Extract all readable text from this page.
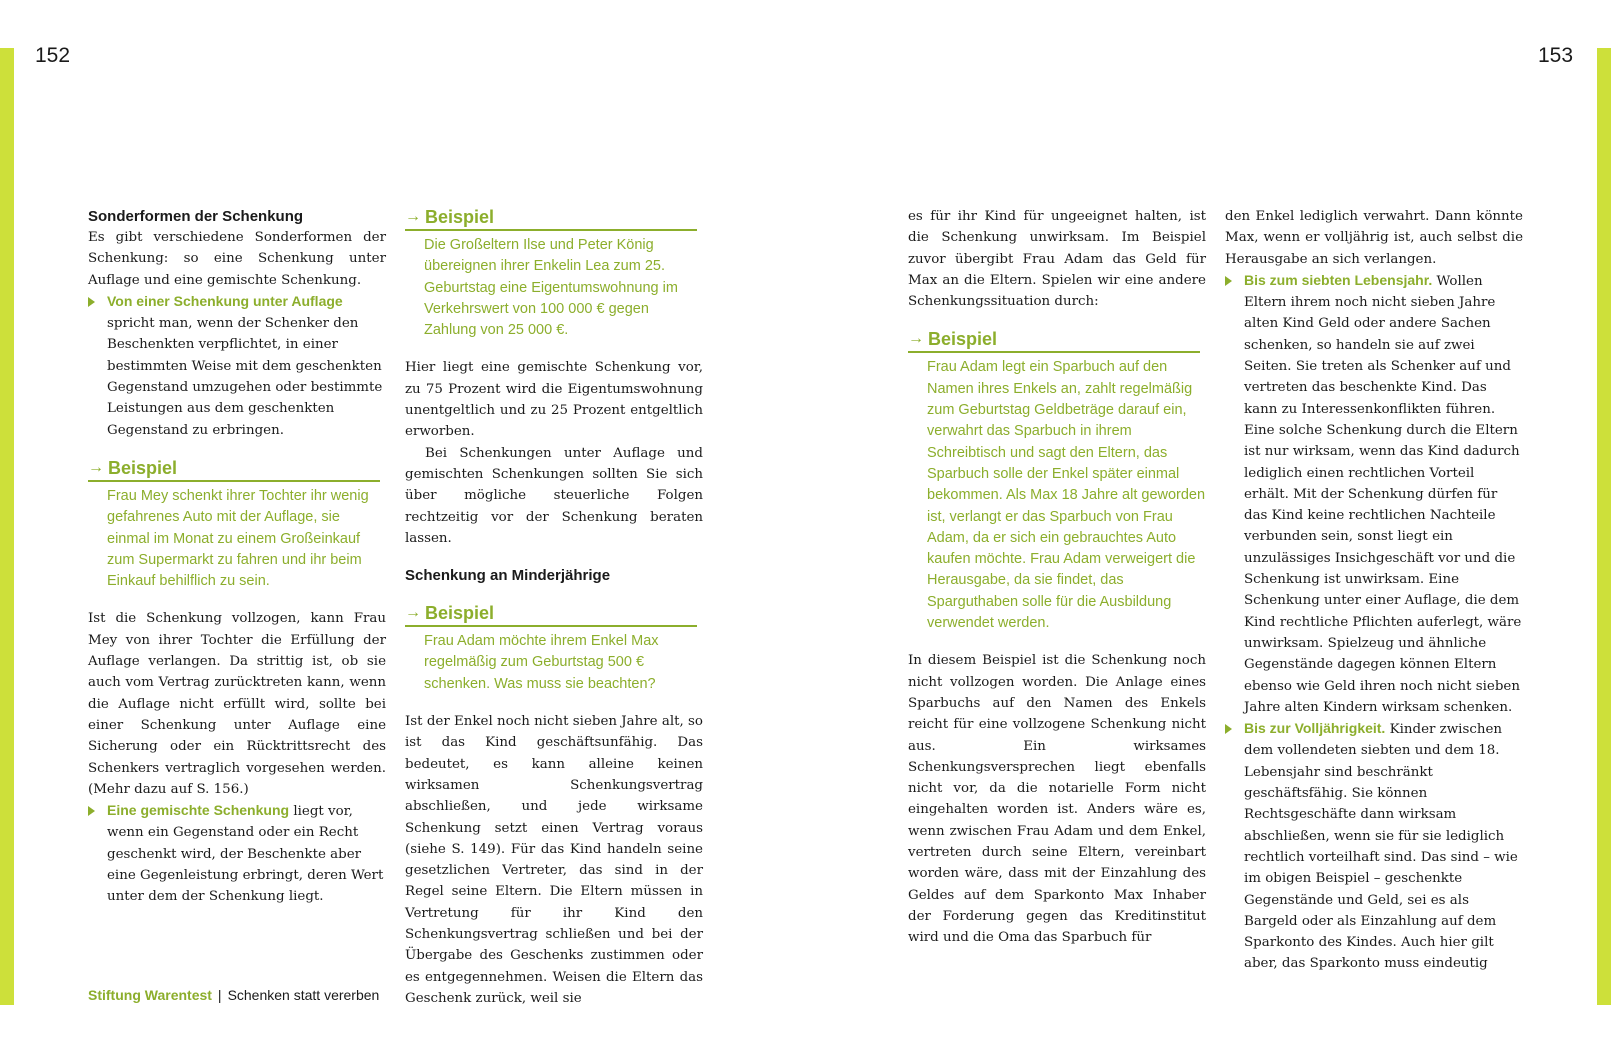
152	153
Sonderformen der Schenkung

Es gibt verschiedene Sonderformen der Schenkung: so eine Schenkung unter Auflage und eine gemischte Schenkung.

Von einer Schenkung unter Auflage spricht man, wenn der Schenker den Beschenkten verpflichtet, in einer bestimmten Weise mit dem geschenkten Gegenstand umzugehen oder bestimmte Leistungen aus dem geschenkten Gegenstand zu erbringen.
→ Beispiel
Frau Mey schenkt ihrer Tochter ihr wenig gefahrenes Auto mit der Auflage, sie einmal im Monat zu einem Großeinkauf zum Supermarkt zu fahren und ihr beim Einkauf behilflich zu sein.

Ist die Schenkung vollzogen, kann Frau Mey von ihrer Tochter die Erfüllung der Auflage verlangen. Da strittig ist, ob sie auch vom Vertrag zurücktreten kann, wenn die Auflage nicht erfüllt wird, sollte bei einer Schenkung unter Auflage eine Sicherung oder ein Rücktrittsrecht des Schenkers vertraglich vorgesehen werden. (Mehr dazu auf S. 156.)

Eine gemischte Schenkung liegt vor, wenn ein Gegenstand oder ein Recht geschenkt wird, der Beschenkte aber eine Gegenleistung erbringt, deren Wert unter dem der Schenkung liegt.
→ Beispiel
Die Großeltern Ilse und Peter König übereignen ihrer Enkelin Lea zum 25. Geburtstag eine Eigentumswohnung im Verkehrswert von 100 000 € gegen Zahlung von 25 000 €.

Hier liegt eine gemischte Schenkung vor, zu 75 Prozent wird die Eigentumswohnung unentgeltlich und zu 25 Prozent entgeltlich erworben.

Bei Schenkungen unter Auflage und gemischten Schenkungen sollten Sie sich über mögliche steuerliche Folgen rechtzeitig vor der Schenkung beraten lassen.

Schenkung an Minderjährige
→ Beispiel
Frau Adam möchte ihrem Enkel Max regelmäßig zum Geburtstag 500 € schenken. Was muss sie beachten?

Ist der Enkel noch nicht sieben Jahre alt, so ist das Kind geschäftsunfähig. Das bedeutet, es kann alleine keinen wirksamen Schenkungsvertrag abschließen, und jede wirksame Schenkung setzt einen Vertrag voraus (siehe S. 149). Für das Kind handeln seine gesetzlichen Vertreter, das sind in der Regel seine Eltern. Die Eltern müssen in Vertretung für ihr Kind den Schenkungsvertrag schließen und bei der Übergabe des Geschenks zustimmen oder es entgegennehmen. Weisen die Eltern das Geschenk zurück, weil sie

es für ihr Kind für ungeeignet halten, ist die Schenkung unwirksam. Im Beispiel zuvor übergibt Frau Adam das Geld für Max an die Eltern. Spielen wir eine andere Schenkungssituation durch:

→ Beispiel
Frau Adam legt ein Sparbuch auf den Namen ihres Enkels an, zahlt regelmäßig zum Geburtstag Geldbeträge darauf ein, verwahrt das Sparbuch in ihrem Schreibtisch und sagt den Eltern, das Sparbuch solle der Enkel später einmal bekommen. Als Max 18 Jahre alt geworden ist, verlangt er das Sparbuch von Frau Adam, da er sich ein gebrauchtes Auto kaufen möchte. Frau Adam verweigert die Herausgabe, da sie findet, das Sparguthaben solle für die Ausbildung verwendet werden.

In diesem Beispiel ist die Schenkung noch nicht vollzogen worden. Die Anlage eines Sparbuchs auf den Namen des Enkels reicht für eine vollzogene Schenkung nicht aus. Ein wirksames Schenkungsversprechen liegt ebenfalls nicht vor, da die notarielle Form nicht eingehalten worden ist. Anders wäre es, wenn zwischen Frau Adam und dem Enkel, vertreten durch seine Eltern, vereinbart worden wäre, dass mit der Einzahlung des Geldes auf dem Sparkonto Max Inhaber der Forderung gegen das Kreditinstitut wird und die Oma das Sparbuch für

den Enkel lediglich verwahrt. Dann könnte Max, wenn er volljährig ist, auch selbst die Herausgabe an sich verlangen.

Bis zum siebten Lebensjahr. Wollen Eltern ihrem noch nicht sieben Jahre alten Kind Geld oder andere Sachen schenken, so handeln sie auf zwei Seiten. Sie treten als Schenker auf und vertreten das beschenkte Kind. Das kann zu Interessenkonflikten führen. Eine solche Schenkung durch die Eltern ist nur wirksam, wenn das Kind dadurch lediglich einen rechtlichen Vorteil erhält. Mit der Schenkung dürfen für das Kind keine rechtlichen Nachteile verbunden sein, sonst liegt ein unzulässiges Insichgeschäft vor und die Schenkung ist unwirksam. Eine Schenkung unter einer Auflage, die dem Kind rechtliche Pflichten auferlegt, wäre unwirksam. Spielzeug und ähnliche Gegenstände dagegen können Eltern ebenso wie Geld ihren noch nicht sieben Jahre alten Kindern wirksam schenken.
Bis zur Volljährigkeit. Kinder zwischen dem vollendeten siebten und dem 18. Lebensjahr sind beschränkt geschäftsfähig. Sie können Rechtsgeschäfte dann wirksam abschließen, wenn sie für sie lediglich rechtlich vorteilhaft sind. Das sind – wie im obigen Beispiel – geschenkte Gegenstände und Geld, sei es als Bargeld oder als Einzahlung auf dem Sparkonto des Kindes. Auch hier gilt aber, das Sparkonto muss eindeutig
Stiftung Warentest | Schenken statt vererben
